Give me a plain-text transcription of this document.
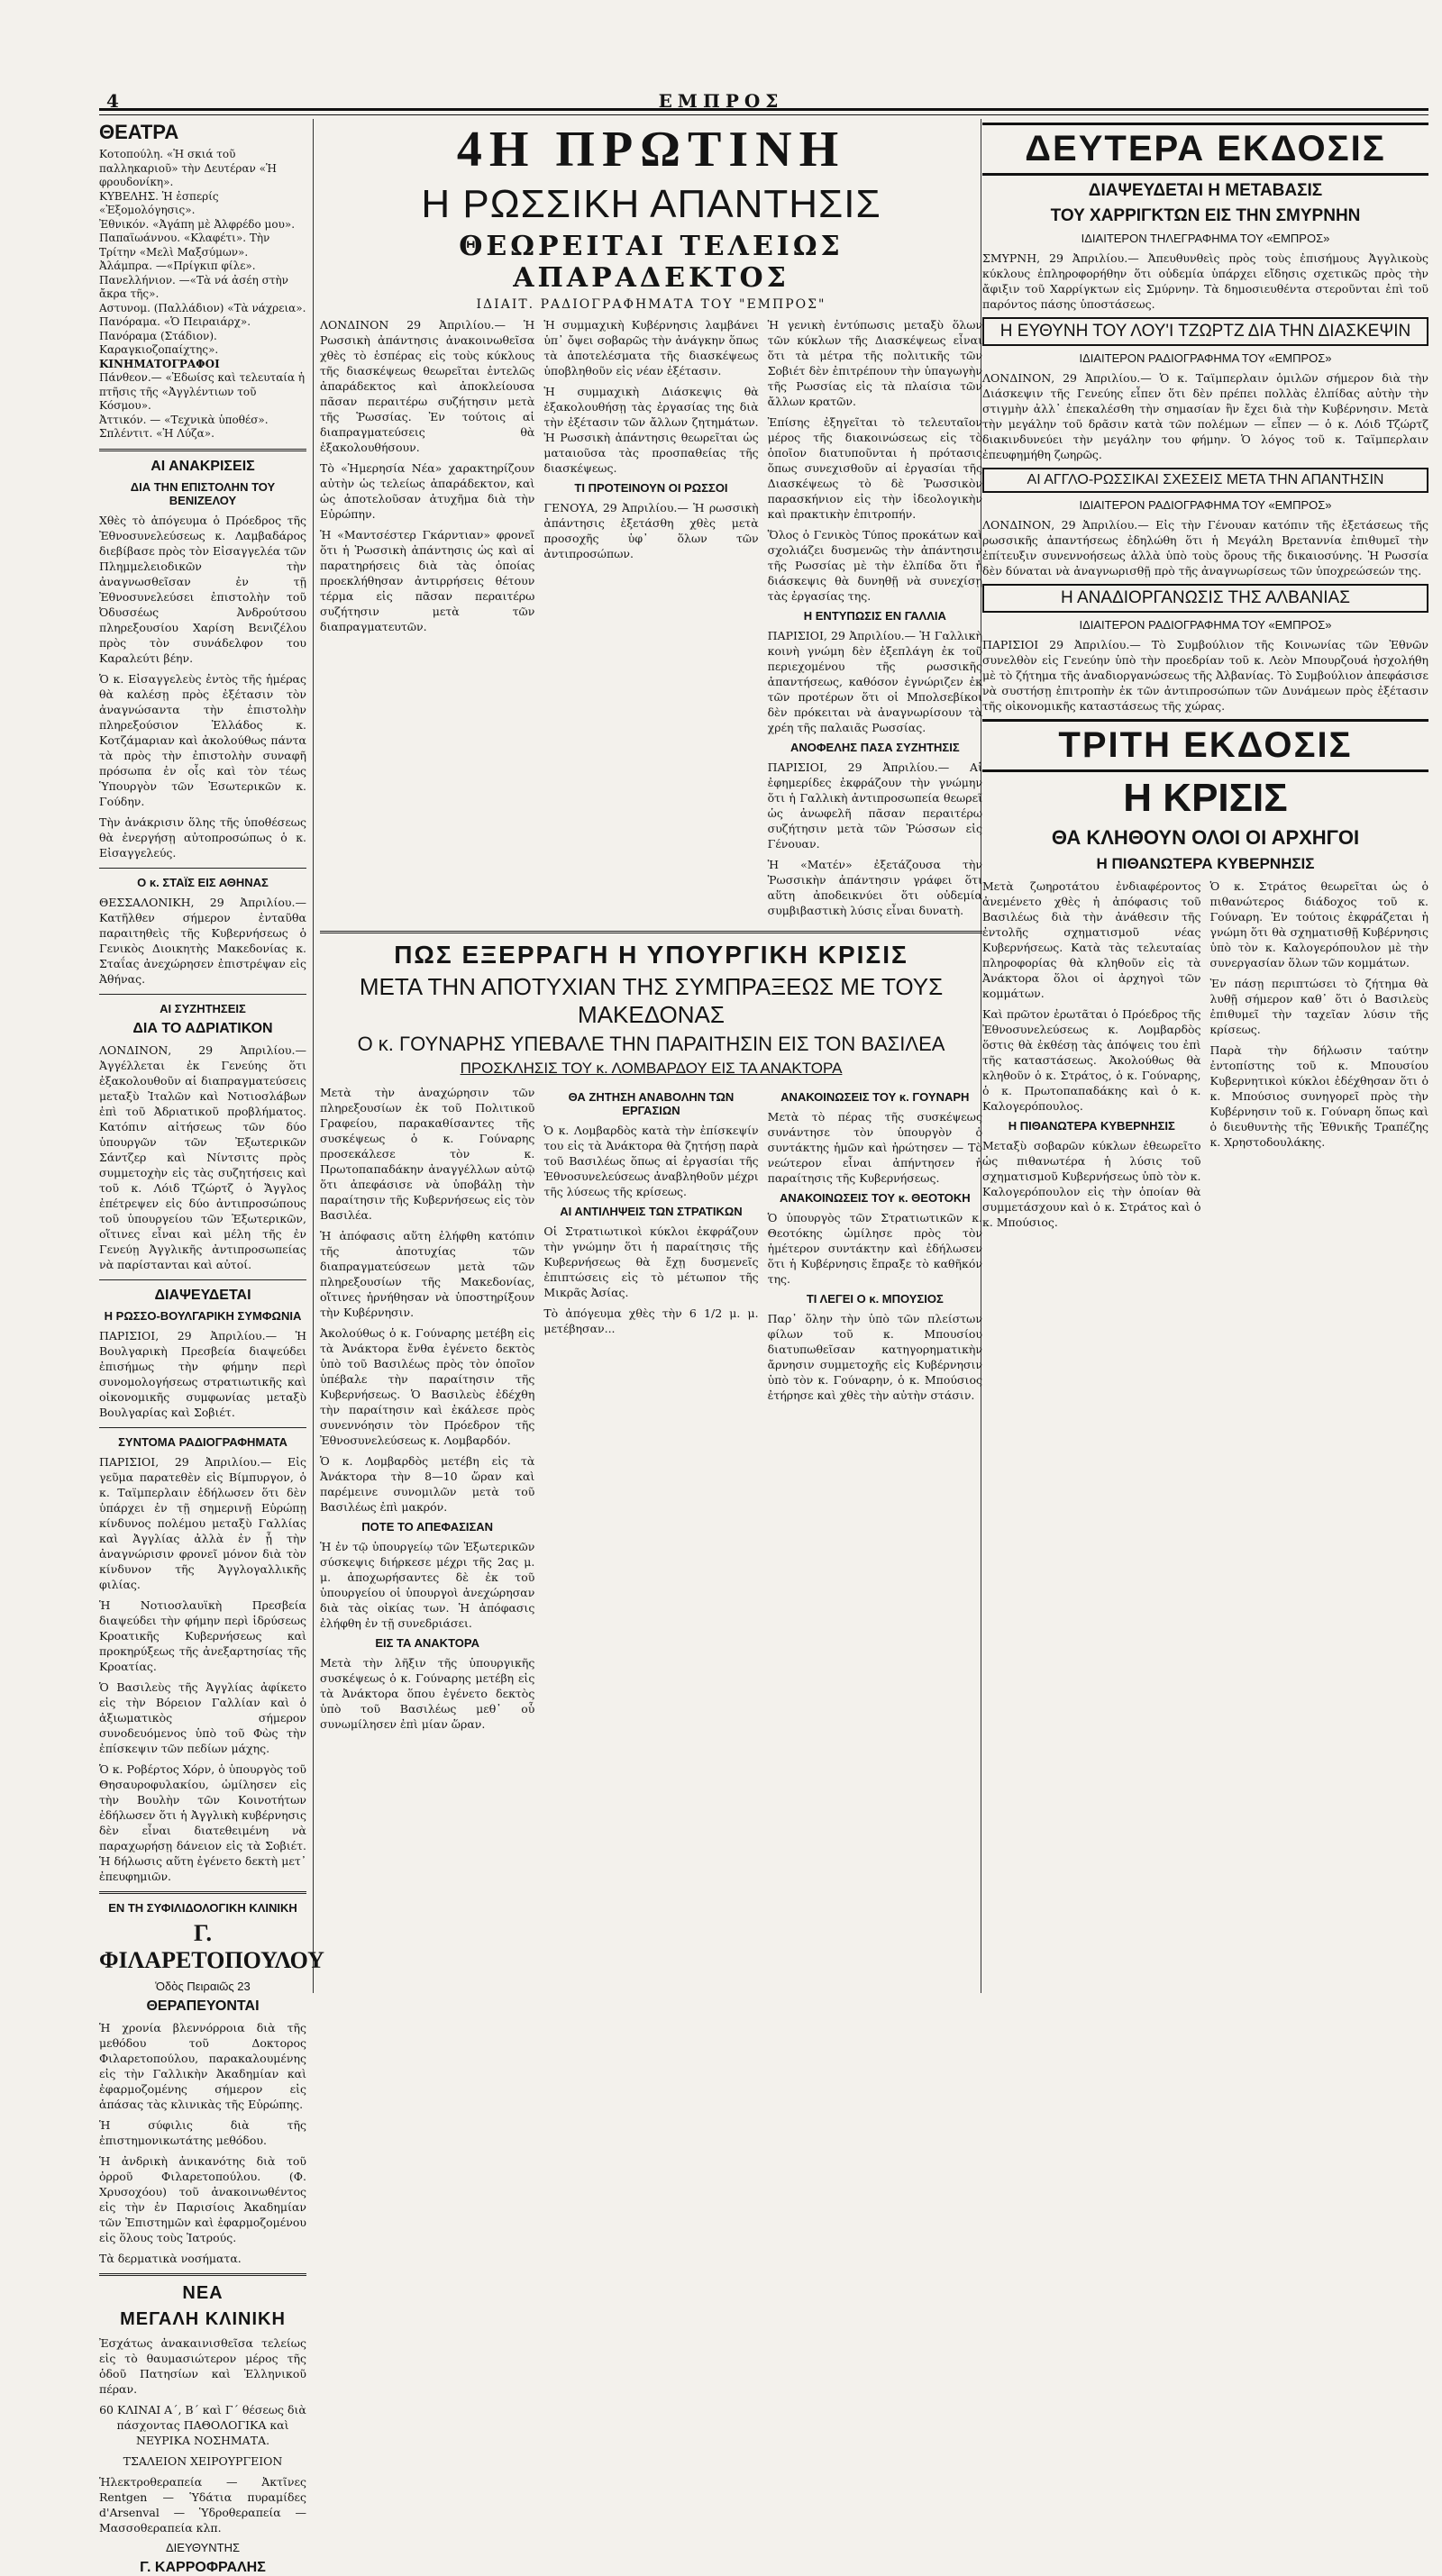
4	ΕΜΠΡΟΣ
ΘΕΑΤΡΑ

Κοτοπούλη. «Ἡ σκιά τοῦ παλληκαριοῦ» τὴν Δευτέραν «Ἡ φρουδονίκη».

ΚΥΒΕΛΗΣ. Ἡ ἐσπερίς «Ἐξομολόγησις».

Ἐθνικόν. «Ἀγάπη μὲ Ἀλφρέδο μου».

Παπαϊωάννου. «Κλαφέτι». Τὴν Τρίτην «Μελὶ Μαξσύμων».

Ἀλάμπρα. —«Πρίγκιπ φίλε».

Πανελλήνιον. —«Τὰ νά ἀσέη στὴν ἄκρα τῆς».

Αστυνομ. (Παλλάδιον) «Τὰ νάχρεια».

Πανόραμα. «Ὁ Πειραιάρχ».

Πανόραμα (Στάδιον). Καραγκιοζοπαίχτης».

ΚΙΝΗΜΑΤΟΓΡΑΦΟΙ

Πάνθεον.— «Ἐδωίσς καὶ τελευταία ἡ πτῆσις τῆς «Ἀγγλέντιων τοῦ Κόσμου».

Ἀττικόν. — «Τεχνικὰ ὑποθέσ».

Σπλέντιτ. «Ἡ Λύζα».

ΑΙ ΑΝΑΚΡΙΣΕΙΣ
ΔΙΑ ΤΗΝ ΕΠΙΣΤΟΛΗΝ ΤΟΥ ΒΕΝΙΖΕΛΟΥ

Χθὲς τὸ ἀπόγευμα ὁ Πρόεδρος τῆς Ἐθνοσυνελεύσεως κ. Λαμβαδάρος διεβίβασε πρὸς τὸν Εἰσαγγελέα τῶν Πλημμελειοδικῶν τὴν ἀναγνωσθεῖσαν ἐν τῇ Ἐθνοσυνελεύσει ἐπιστολὴν τοῦ Ὀδυσσέως Ἀνδρούτσου πληρεξουσίου Χαρίση Βενιζέλου πρὸς τὸν συνάδελφον του Καραλεύτι βέην.

Ὁ κ. Εἰσαγγελεὺς ἐντὸς τῆς ἡμέρας θὰ καλέσῃ πρὸς ἐξέτασιν τὸν ἀναγνώσαντα τὴν ἐπιστολὴν πληρεξούσιον Ἑλλάδος κ. Κοτζάμαριαν καὶ ἀκολούθως πάντα τὰ πρὸς τὴν ἐπιστολὴν συναφῆ πρόσωπα ἐν οἷς καὶ τὸν τέως Ὑπουργὸν τῶν Ἐσωτερικῶν κ. Γούδην.

Τὴν ἀνάκρισιν ὅλης τῆς ὑποθέσεως θὰ ἐνεργήσῃ αὐτοπροσώπως ὁ κ. Εἰσαγγελεύς.

Ο κ. ΣΤΑΪΣ ΕΙΣ ΑΘΗΝΑΣ

ΘΕΣΣΑΛΟΝΙΚΗ, 29 Ἀπριλίου.— Κατῆλθεν σήμερον ἐνταῦθα παραιτηθεὶς τῆς Κυβερνήσεως ὁ Γενικὸς Διοικητὴς Μακεδονίας κ. Σταΐας ἀνεχώρησεν ἐπιστρέψαν εἰς Ἀθήνας.

ΑΙ ΣΥΖΗΤΗΣΕΙΣ
ΔΙΑ ΤΟ ΑΔΡΙΑΤΙΚΟΝ

ΛΟΝΔΙΝΟΝ, 29 Ἀπριλίου.— Ἀγγέλλεται ἐκ Γενεύης ὅτι ἐξακολουθοῦν αἱ διαπραγματεύσεις μεταξὺ Ἰταλῶν καὶ Νοτιοσλάβων ἐπὶ τοῦ Ἀδριατικοῦ προβλήματος. Κατόπιν αἰτήσεως τῶν δύο ὑπουργῶν τῶν Ἐξωτερικῶν Σάντζερ καὶ Νίντσιτς πρὸς συμμετοχὴν εἰς τὰς συζητήσεις καὶ τοῦ κ. Λόιδ Τζώρτζ ὁ Ἄγγλος ἐπέτρεψεν εἰς δύο ἀντιπροσώπους τοῦ ὑπουργείου τῶν Ἐξωτερικῶν, οἵτινες εἶναι καὶ μέλη τῆς ἐν Γενεύῃ Ἀγγλικῆς ἀντιπροσωπείας νὰ παρίστανται καὶ αὐτοί.

ΔΙΑΨΕΥΔΕΤΑΙ
Η ΡΩΣΣΟ-ΒΟΥΛΓΑΡΙΚΗ ΣΥΜΦΩΝΙΑ

ΠΑΡΙΣΙΟΙ, 29 Ἀπριλίου.— Ἡ Βουλγαρικὴ Πρεσβεία διαψεύδει ἐπισήμως τὴν φήμην περὶ συνομολογήσεως στρατιωτικῆς καὶ οἰκονομικῆς συμφωνίας μεταξὺ Βουλγαρίας καὶ Σοβιέτ.

ΣΥΝΤΟΜΑ ΡΑΔΙΟΓΡΑΦΗΜΑΤΑ

ΠΑΡΙΣΙΟΙ, 29 Ἀπριλίου.— Εἰς γεῦμα παρατεθὲν εἰς Βίμπυργον, ὁ κ. Ταϊμπερλαιν ἐδήλωσεν ὅτι δὲν ὑπάρχει ἐν τῇ σημερινῇ Εὐρώπῃ κίνδυνος πολέμου μεταξὺ Γαλλίας καὶ Ἀγγλίας ἀλλὰ ἐν ᾗ τὴν ἀναγνώρισιν φρονεῖ μόνον διὰ τὸν κίνδυνον τῆς Ἀγγλογαλλικῆς φιλίας.

Ἡ Νοτιοσλαυϊκὴ Πρεσβεία διαψεύδει τὴν φήμην περὶ ἱδρύσεως Κροατικῆς Κυβερνήσεως καὶ προκηρύξεως τῆς ἀνεξαρτησίας τῆς Κροατίας.

Ὁ Βασιλεὺς τῆς Ἀγγλίας ἀφίκετο εἰς τὴν Βόρειον Γαλλίαν καὶ ὁ ἀξιωματικὸς σήμερον συνοδευόμενος ὑπὸ τοῦ Φὼς τὴν ἐπίσκεψιν τῶν πεδίων μάχης.

Ὁ κ. Ροβέρτος Χόρν, ὁ ὑπουργὸς τοῦ Θησαυροφυλακίου, ὡμίλησεν εἰς τὴν Βουλὴν τῶν Κοινοτήτων ἐδήλωσεν ὅτι ἡ Ἀγγλικὴ κυβέρνησις δὲν εἶναι διατεθειμένη νὰ παραχωρήσῃ δάνειον εἰς τὰ Σοβιέτ. Ἡ δήλωσις αὕτη ἐγένετο δεκτὴ μετ᾽ ἐπευφημιῶν.

ΕΝ ΤΗ ΣΥΦΙΛΙΔΟΛΟΓΙΚΗ ΚΛΙΝΙΚΗ
Γ. ΦΙΛΑΡΕΤΟΠΟΥΛΟΥ
Ὁδὸς Πειραιῶς 23
ΘΕΡΑΠΕΥΟΝΤΑΙ

Ἡ χρονία βλεννόρροια διὰ τῆς μεθόδου τοῦ Δοκτορος Φιλαρετοπούλου, παρακαλουμένης εἰς τὴν Γαλλικὴν Ἀκαδημίαν καὶ ἐφαρμοζομένης σήμερον εἰς ἁπάσας τὰς κλινικὰς τῆς Εὐρώπης.

Ἡ σύφιλις διὰ τῆς ἐπιστημονικωτάτης μεθόδου.

Ἡ ἀνδρικὴ ἀνικανότης διὰ τοῦ ὀρροῦ Φιλαρετοπούλου. (Φ. Χρυσοχόου) τοῦ ἀνακοινωθέντος εἰς τὴν ἐν Παρισίοις Ἀκαδημίαν τῶν Ἐπιστημῶν καὶ ἐφαρμοζομένου εἰς ὅλους τοὺς Ἰατρούς.

Τὰ δερματικὰ νοσήματα.

ΝΕΑ
ΜΕΓΑΛΗ ΚΛΙΝΙΚΗ

Ἐσχάτως ἀνακαινισθεῖσα τελείως εἰς τὸ θαυμασιώτερον μέρος τῆς ὁδοῦ Πατησίων καὶ Ἑλληνικοῦ πέραν.

60 ΚΛΙΝΑΙ Α΄, Β΄ καὶ Γ΄ θέσεως διὰ πάσχοντας ΠΑΘΟΛΟΓΙΚΑ καὶ ΝΕΥΡΙΚΑ ΝΟΣΗΜΑΤΑ.

ΤΣΑΛΕΙΟΝ ΧΕΙΡΟΥΡΓΕΙΟΝ

Ἡλεκτροθεραπεία — Ἀκτῖνες Rentgen — Ὑδάτια πυραμίδες d'Arsenval — Ὑδροθεραπεία — Μασσοθεραπεία κλπ.

ΔΙΕΥΘΥΝΤΗΣ
Γ. ΚΑΡΡΟΦΡΑΛΗΣ
4Η ΠΡΩΤΙΝΗ
Η ΡΩΣΣΙΚΗ ΑΠΑΝΤΗΣΙΣ
ΘΕΩΡΕΙΤΑΙ ΤΕΛΕΙΩΣ ΑΠΑΡΑΔΕΚΤΟΣ
ΙΔΙΑΙΤ. ΡΑΔΙΟΓΡΑΦΗΜΑΤΑ ΤΟΥ "ΕΜΠΡΟΣ"

ΛΟΝΔΙΝΟΝ 29 Ἀπριλίου.— Ἡ Ρωσσικὴ ἀπάντησις ἀνακοινωθεῖσα χθὲς τὸ ἑσπέρας εἰς τοὺς κύκλους τῆς διασκέψεως θεωρεῖται ἐντελῶς ἀπαράδεκτος καὶ ἀποκλείουσα πᾶσαν περαιτέρω συζήτησιν μετὰ τῆς Ῥωσσίας. Ἐν τούτοις αἱ διαπραγματεύσεις θὰ ἐξακολουθήσουν.

Τὸ «Ἡμερησία Νέα» χαρακτηρίζουν αὐτὴν ὡς τελείως ἀπαράδεκτον, καὶ ὡς ἀποτελοῦσαν ἀτυχῆμα διὰ τὴν Εὐρώπην.

Ἡ «Μαντσέστερ Γκάρντιαν» φρονεῖ ὅτι ἡ Ῥωσσικὴ ἀπάντησις ὡς καὶ αἱ παρατηρήσεις διὰ τὰς ὁποίας προεκλήθησαν ἀντιρρήσεις θέτουν τέρμα εἰς πᾶσαν περαιτέρω συζήτησιν μετὰ τῶν διαπραγματευτῶν.

Ἡ συμμαχικὴ Κυβέρνησις λαμβάνει ὑπ᾽ ὄψει σοβαρῶς τὴν ἀνάγκην ὅπως τὰ ἀποτελέσματα τῆς διασκέψεως ὑποβληθοῦν εἰς νέαν ἐξέτασιν.

Ἡ συμμαχικὴ Διάσκεψις θὰ ἐξακολουθήσῃ τὰς ἐργασίας της διὰ τὴν ἐξέτασιν τῶν ἄλλων ζητημάτων. Ἡ Ρωσσικὴ ἀπάντησις θεωρεῖται ὡς ματαιοῦσα τὰς προσπαθείας τῆς διασκέψεως.

ΤΙ ΠΡΟΤΕΙΝΟΥΝ ΟΙ ΡΩΣΣΟΙ

ΓΕΝΟΥΑ, 29 Ἀπριλίου.— Ἡ ρωσσικὴ ἀπάντησις ἐξετάσθη χθὲς μετὰ προσοχῆς ὑφ᾽ ὅλων τῶν ἀντιπροσώπων.

Ἡ γενικὴ ἐντύπωσις μεταξὺ ὅλων τῶν κύκλων τῆς Διασκέψεως εἶναι ὅτι τὰ μέτρα τῆς πολιτικῆς τῶν Σοβιέτ δὲν ἐπιτρέπουν τὴν ὑπαγωγὴν τῆς Ρωσσίας εἰς τὰ πλαίσια τῶν ἄλλων κρατῶν.

Ἐπίσης ἐξηγεῖται τὸ τελευταῖον μέρος τῆς διακοινώσεως εἰς τὸ ὁποῖον διατυποῦνται ἡ πρότασις ὅπως συνεχισθοῦν αἱ ἐργασίαι τῆς Διασκέψεως τὸ δὲ Ῥωσσικὸν παρασκήνιον εἰς τὴν ἰδεολογικὴν καὶ πρακτικὴν ἐπιτροπήν.

Ὅλος ὁ Γενικὸς Τύπος προκάτων καὶ σχολιάζει δυσμενῶς τὴν ἀπάντησιν τῆς Ρωσσίας μὲ τὴν ἐλπίδα ὅτι ἡ διάσκεψις θὰ δυνηθῇ νὰ συνεχίσῃ τὰς ἐργασίας της.

Η ΕΝΤΥΠΩΣΙΣ ΕΝ ΓΑΛΛΙΑ

ΠΑΡΙΣΙΟΙ, 29 Ἀπριλίου.— Ἡ Γαλλικὴ κοινὴ γνώμη δὲν ἐξεπλάγη ἐκ τοῦ περιεχομένου τῆς ρωσσικῆς ἀπαντήσεως, καθόσον ἐγνώριζεν ἐκ τῶν προτέρων ὅτι οἱ Μπολσεβίκοι δὲν πρόκειται νὰ ἀναγνωρίσουν τὰ χρέη τῆς παλαιᾶς Ρωσσίας.

ΑΝΟΦΕΛΗΣ ΠΑΣΑ ΣΥΖΗΤΗΣΙΣ

ΠΑΡΙΣΙΟΙ, 29 Ἀπριλίου.— Αἱ ἐφημερίδες ἐκφράζουν τὴν γνώμην ὅτι ἡ Γαλλικὴ ἀντιπροσωπεία θεωρεῖ ὡς ἀνωφελῆ πᾶσαν περαιτέρω συζήτησιν μετὰ τῶν Ῥώσσων εἰς Γένουαν.

Ἡ «Ματέν» ἐξετάζουσα τὴν Ῥωσσικὴν ἀπάντησιν γράφει ὅτι αὕτη ἀποδεικνύει ὅτι οὐδεμία συμβιβαστικὴ λύσις εἶναι δυνατὴ.

ΠΩΣ ΕΞΕΡΡΑΓΗ Η ΥΠΟΥΡΓΙΚΗ ΚΡΙΣΙΣ
ΜΕΤΑ ΤΗΝ ΑΠΟΤΥΧΙΑΝ ΤΗΣ ΣΥΜΠΡΑΞΕΩΣ ΜΕ ΤΟΥΣ ΜΑΚΕΔΟΝΑΣ
Ο κ. ΓΟΥΝΑΡΗΣ ΥΠΕΒΑΛΕ ΤΗΝ ΠΑΡΑΙΤΗΣΙΝ ΕΙΣ ΤΟΝ ΒΑΣΙΛΕΑ
ΠΡΟΣΚΛΗΣΙΣ ΤΟΥ κ. ΛΟΜΒΑΡΔΟΥ ΕΙΣ ΤΑ ΑΝΑΚΤΟΡΑ

Μετὰ τὴν ἀναχώρησιν τῶν πληρεξουσίων ἐκ τοῦ Πολιτικοῦ Γραφείου, παρακαθίσαντες τῆς συσκέψεως ὁ κ. Γούναρης προσεκάλεσε τὸν κ. Πρωτοπαπαδάκην ἀναγγέλλων αὐτῷ ὅτι ἀπεφάσισε νὰ ὑποβάλῃ τὴν παραίτησιν τῆς Κυβερνήσεως εἰς τὸν Βασιλέα.

Ἡ ἀπόφασις αὕτη ἐλήφθη κατόπιν τῆς ἀποτυχίας τῶν διαπραγματεύσεων μετὰ τῶν πληρεξουσίων τῆς Μακεδονίας, οἵτινες ἠρνήθησαν νὰ ὑποστηρίξουν τὴν Κυβέρνησιν.

Ἀκολούθως ὁ κ. Γούναρης μετέβη εἰς τὰ Ἀνάκτορα ἔνθα ἐγένετο δεκτὸς ὑπὸ τοῦ Βασιλέως πρὸς τὸν ὁποῖον ὑπέβαλε τὴν παραίτησιν τῆς Κυβερνήσεως. Ὁ Βασιλεὺς ἐδέχθη τὴν παραίτησιν καὶ ἐκάλεσε πρὸς συνεννόησιν τὸν Πρόεδρον τῆς Ἐθνοσυνελεύσεως κ. Λομβαρδόν.

Ὁ κ. Λομβαρδὸς μετέβη εἰς τὰ Ἀνάκτορα τὴν 8—10 ὥραν καὶ παρέμεινε συνομιλῶν μετὰ τοῦ Βασιλέως ἐπὶ μακρόν.

ΠΟΤΕ ΤΟ ΑΠΕΦΑΣΙΣΑΝ

Ἡ ἐν τῷ ὑπουργείῳ τῶν Ἐξωτερικῶν σύσκεψις διήρκεσε μέχρι τῆς 2ας μ. μ. ἀποχωρήσαντες δὲ ἐκ τοῦ ὑπουργείου οἱ ὑπουργοὶ ἀνεχώρησαν διὰ τὰς οἰκίας των. Ἡ ἀπόφασις ἐλήφθη ἐν τῇ συνεδριάσει.

ΕΙΣ ΤΑ ΑΝΑΚΤΟΡΑ

Μετὰ τὴν λῆξιν τῆς ὑπουργικῆς συσκέψεως ὁ κ. Γούναρης μετέβη εἰς τὰ Ἀνάκτορα ὅπου ἐγένετο δεκτὸς ὑπὸ τοῦ Βασιλέως μεθ᾽ οὗ συνωμίλησεν ἐπὶ μίαν ὥραν.

ΘΑ ΖΗΤΗΣΗ ΑΝΑΒΟΛΗΝ ΤΩΝ ΕΡΓΑΣΙΩΝ

Ὁ κ. Λομβαρδὸς κατὰ τὴν ἐπίσκεψίν του εἰς τὰ Ἀνάκτορα θὰ ζητήσῃ παρὰ τοῦ Βασιλέως ὅπως αἱ ἐργασίαι τῆς Ἐθνοσυνελεύσεως ἀναβληθοῦν μέχρι τῆς λύσεως τῆς κρίσεως.

ΑΙ ΑΝΤΙΛΗΨΕΙΣ ΤΩΝ ΣΤΡΑΤΙΚΩΝ

Οἱ Στρατιωτικοὶ κύκλοι ἐκφράζουν τὴν γνώμην ὅτι ἡ παραίτησις τῆς Κυβερνήσεως θὰ ἔχῃ δυσμενεῖς ἐπιπτώσεις εἰς τὸ μέτωπον τῆς Μικρᾶς Ἀσίας.

Τὸ ἀπόγευμα χθὲς τὴν 6 1/2 μ. μ. μετέβησαν...

ΑΝΑΚΟΙΝΩΣΕΙΣ ΤΟΥ κ. ΓΟΥΝΑΡΗ

Μετὰ τὸ πέρας τῆς συσκέψεως συνάντησε τὸν ὑπουργὸν ὁ συντάκτης ἡμῶν καὶ ἠρώτησεν — Τὸ νεώτερον εἶναι ἀπήντησεν ἡ παραίτησις τῆς Κυβερνήσεως.

ΑΝΑΚΟΙΝΩΣΕΙΣ ΤΟΥ κ. ΘΕΟΤΟΚΗ

Ὁ ὑπουργὸς τῶν Στρατιωτικῶν κ. Θεοτόκης ὡμίλησε πρὸς τὸν ἡμέτερον συντάκτην καὶ ἐδήλωσεν ὅτι ἡ Κυβέρνησις ἔπραξε τὸ καθῆκόν της.

ΤΙ ΛΕΓΕΙ Ο κ. ΜΠΟΥΣΙΟΣ

Παρ᾽ ὅλην τὴν ὑπὸ τῶν πλείστων φίλων τοῦ κ. Μπουσίου διατυπωθεῖσαν κατηγορηματικὴν ἄρνησιν συμμετοχῆς εἰς Κυβέρνησιν ὑπὸ τὸν κ. Γούναρην, ὁ κ. Μπούσιος ἐτήρησε καὶ χθὲς τὴν αὐτὴν στάσιν.

ΔΕΥΤΕΡΑ ΕΚΔΟΣΙΣ
ΔΙΑΨΕΥΔΕΤΑΙ Η ΜΕΤΑΒΑΣΙΣ
ΤΟΥ ΧΑΡΡΙΓΚΤΩΝ ΕΙΣ ΤΗΝ ΣΜΥΡΝΗΝ
ΙΔΙΑΙΤΕΡΟΝ ΤΗΛΕΓΡΑΦΗΜΑ ΤΟΥ «ΕΜΠΡΟΣ»

ΣΜΥΡΝΗ, 29 Ἀπριλίου.— Ἀπευθυνθεὶς πρὸς τοὺς ἐπισήμους Ἀγγλικοὺς κύκλους ἐπληροφορήθην ὅτι οὐδεμία ὑπάρχει εἴδησις σχετικῶς πρὸς τὴν ἄφιξιν τοῦ Χαρρίγκτων εἰς Σμύρνην. Τὰ δημοσιευθέντα στεροῦνται ἐπὶ τοῦ παρόντος πάσης ὑποστάσεως.

Η ΕΥΘΥΝΗ ΤΟΥ ΛΟΥ'Ι ΤΖΩΡΤΖ ΔΙΑ ΤΗΝ ΔΙΑΣΚΕΨΙΝ
ΙΔΙΑΙΤΕΡΟΝ ΡΑΔΙΟΓΡΑΦΗΜΑ ΤΟΥ «ΕΜΠΡΟΣ»

ΛΟΝΔΙΝΟΝ, 29 Ἀπριλίου.— Ὁ κ. Ταϊμπερλαιν ὁμιλῶν σήμερον διὰ τὴν Διάσκεψιν τῆς Γενεύης εἶπεν ὅτι δὲν πρέπει πολλὰς ἐλπίδας αὐτὴν τὴν στιγμὴν ἀλλ᾽ ἐπεκαλέσθη τὴν σημασίαν ἣν ἔχει διὰ τὴν Κυβέρνησιν. Μετὰ τὴν μεγάλην τοῦ δρᾶσιν κατὰ τῶν πολέμων — εἶπεν — ὁ κ. Λόιδ Τζώρτζ διακινδυνεύει τὴν μεγάλην του φήμην. Ὁ λόγος τοῦ κ. Ταϊμπερλαιν ἐπευφημήθη ζωηρῶς.

ΑΙ ΑΓΓΛΟ-ΡΩΣΣΙΚΑΙ ΣΧΕΣΕΙΣ ΜΕΤΑ ΤΗΝ ΑΠΑΝΤΗΣΙΝ
ΙΔΙΑΙΤΕΡΟΝ ΡΑΔΙΟΓΡΑΦΗΜΑ ΤΟΥ «ΕΜΠΡΟΣ»

ΛΟΝΔΙΝΟΝ, 29 Ἀπριλίου.— Εἰς τὴν Γένουαν κατόπιν τῆς ἐξετάσεως τῆς ρωσσικῆς ἀπαντήσεως ἐδηλώθη ὅτι ἡ Μεγάλη Βρεταννία ἐπιθυμεῖ τὴν ἐπίτευξιν συνεννοήσεως ἀλλὰ ὑπὸ τοὺς ὅρους τῆς δικαιοσύνης. Ἡ Ρωσσία δὲν δύναται νὰ ἀναγνωρισθῇ πρὸ τῆς ἀναγνωρίσεως τῶν ὑποχρεώσεών της.

Η ΑΝΑΔΙΟΡΓΑΝΩΣΙΣ ΤΗΣ ΑΛΒΑΝΙΑΣ
ΙΔΙΑΙΤΕΡΟΝ ΡΑΔΙΟΓΡΑΦΗΜΑ ΤΟΥ «ΕΜΠΡΟΣ»

ΠΑΡΙΣΙΟΙ 29 Ἀπριλίου.— Τὸ Συμβούλιον τῆς Κοινωνίας τῶν Ἐθνῶν συνελθὸν εἰς Γενεύην ὑπὸ τὴν προεδρίαν τοῦ κ. Λεὸν Μπουρζουά ἠσχολήθη μὲ τὸ ζήτημα τῆς ἀναδιοργανώσεως τῆς Ἀλβανίας. Τὸ Συμβούλιον ἀπεφάσισε νὰ συστήσῃ ἐπιτροπὴν ἐκ τῶν ἀντιπροσώπων τῶν Δυνάμεων πρὸς ἐξέτασιν τῆς οἰκονομικῆς καταστάσεως τῆς χώρας.

ΤΡΙΤΗ ΕΚΔΟΣΙΣ
Η ΚΡΙΣΙΣ
ΘΑ ΚΛΗΘΟΥΝ ΟΛΟΙ ΟΙ ΑΡΧΗΓΟΙ
Η ΠΙΘΑΝΩΤΕΡΑ ΚΥΒΕΡΝΗΣΙΣ

Μετὰ ζωηροτάτου ἐνδιαφέροντος ἀνεμένετο χθὲς ἡ ἀπόφασις τοῦ Βασιλέως διὰ τὴν ἀνάθεσιν τῆς ἐντολῆς σχηματισμοῦ νέας Κυβερνήσεως. Κατὰ τὰς τελευταίας πληροφορίας θὰ κληθοῦν εἰς τὰ Ἀνάκτορα ὅλοι οἱ ἀρχηγοὶ τῶν κομμάτων.

Καὶ πρῶτον ἐρωτᾶται ὁ Πρόεδρος τῆς Ἐθνοσυνελεύσεως κ. Λομβαρδὸς ὅστις θὰ ἐκθέσῃ τὰς ἀπόψεις του ἐπὶ τῆς καταστάσεως. Ἀκολούθως θὰ κληθοῦν ὁ κ. Στράτος, ὁ κ. Γούναρης, ὁ κ. Πρωτοπαπαδάκης καὶ ὁ κ. Καλογερόπουλος.

Η ΠΙΘΑΝΩΤΕΡΑ ΚΥΒΕΡΝΗΣΙΣ

Μεταξὺ σοβαρῶν κύκλων ἐθεωρεῖτο ὡς πιθανωτέρα ἡ λύσις τοῦ σχηματισμοῦ Κυβερνήσεως ὑπὸ τὸν κ. Καλογερόπουλον εἰς τὴν ὁποίαν θὰ συμμετάσχουν καὶ ὁ κ. Στράτος καὶ ὁ κ. Μπούσιος.

Ὁ κ. Στράτος θεωρεῖται ὡς ὁ πιθανώτερος διάδοχος τοῦ κ. Γούναρη. Ἐν τούτοις ἐκφράζεται ἡ γνώμη ὅτι θὰ σχηματισθῇ Κυβέρνησις ὑπὸ τὸν κ. Καλογερόπουλον μὲ τὴν συνεργασίαν ὅλων τῶν κομμάτων.

Ἐν πάσῃ περιπτώσει τὸ ζήτημα θὰ λυθῇ σήμερον καθ᾽ ὅτι ὁ Βασιλεὺς ἐπιθυμεῖ τὴν ταχεῖαν λύσιν τῆς κρίσεως.

Παρὰ τὴν δήλωσιν ταύτην ἐντοπίστης τοῦ κ. Μπουσίου Κυβερνητικοὶ κύκλοι ἐδέχθησαν ὅτι ὁ κ. Μπούσιος συνηγορεῖ πρὸς τὴν Κυβέρνησιν τοῦ κ. Γούναρη ὅπως καὶ ὁ διευθυντὴς τῆς Ἐθνικῆς Τραπέζης κ. Χρηστοδουλάκης.
